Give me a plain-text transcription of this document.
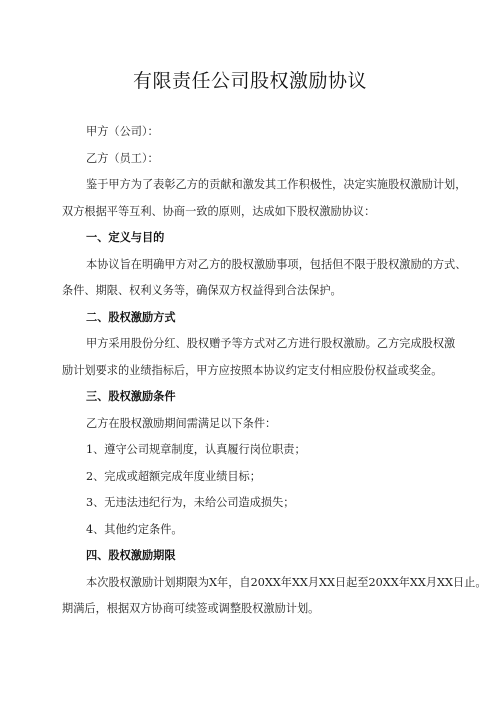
有限责任公司股权激励协议
甲方（公司）：
乙方（员工）：
鉴于甲方为了表彰乙方的贡献和激发其工作积极性，决定实施股权激励计划，
双方根据平等互利、协商一致的原则，达成如下股权激励协议：
一、定义与目的
本协议旨在明确甲方对乙方的股权激励事项，包括但不限于股权激励的方式、
条件、期限、权利义务等，确保双方权益得到合法保护。
二、股权激励方式
甲方采用股份分红、股权赠予等方式对乙方进行股权激励。乙方完成股权激
励计划要求的业绩指标后，甲方应按照本协议约定支付相应股份权益或奖金。
三、股权激励条件
乙方在股权激励期间需满足以下条件：
1、遵守公司规章制度，认真履行岗位职责；
2、完成或超额完成年度业绩目标；
3、无违法违纪行为，未给公司造成损失；
4、其他约定条件。
四、股权激励期限
本次股权激励计划期限为X年，自20XX年XX月XX日起至20XX年XX月XX日止。
期满后，根据双方协商可续签或调整股权激励计划。
